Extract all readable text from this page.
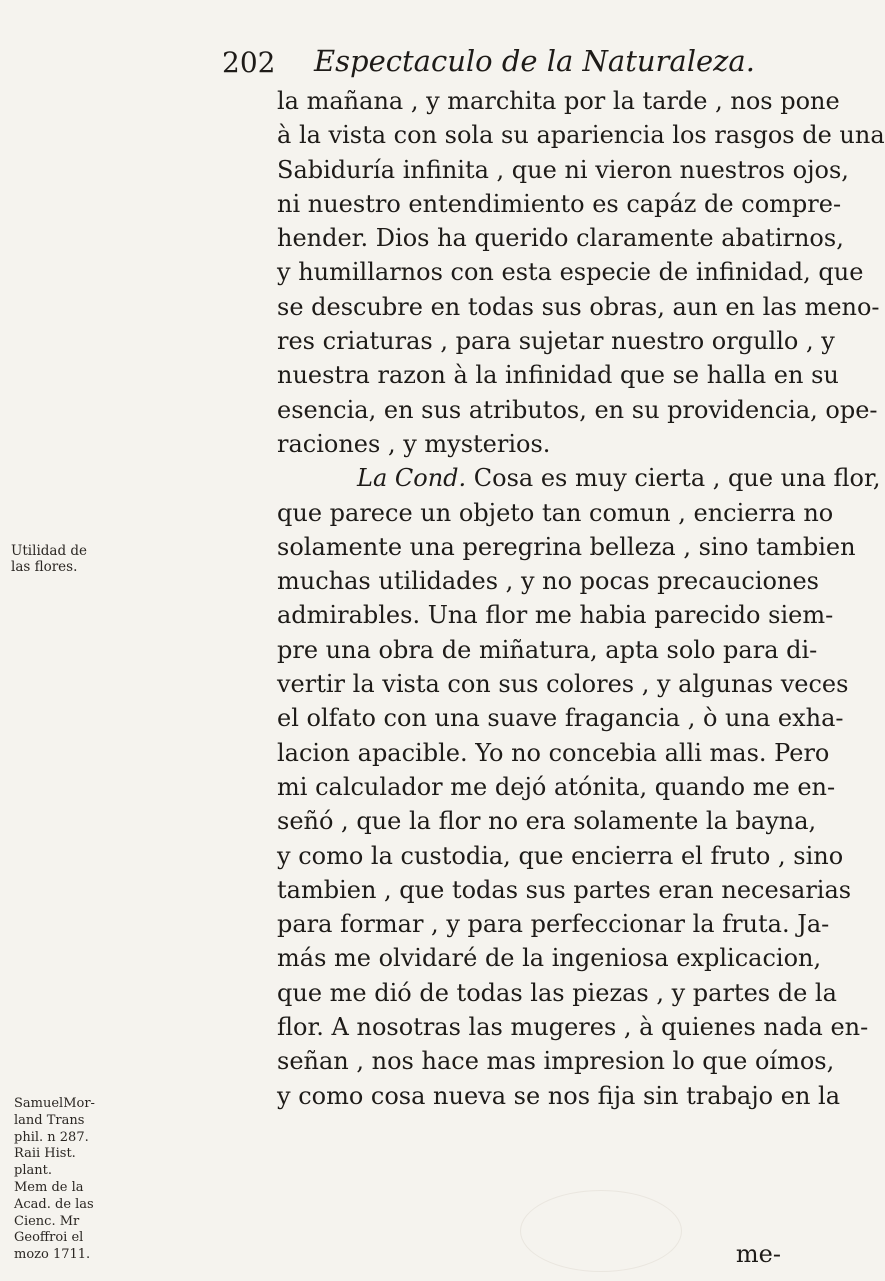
202 Espectaculo de la Naturaleza.
la mañana , y marchita por la tarde , nos pone
à la vista con sola su apariencia los rasgos de una
Sabiduría infinita , que ni vieron nuestros ojos,
ni nuestro entendimiento es capáz de compre-
hender. Dios ha querido claramente abatirnos,
y humillarnos con esta especie de infinidad, que
se descubre en todas sus obras, aun en las meno-
res criaturas , para sujetar nuestro orgullo , y
nuestra razon à la infinidad que se halla en su
esencia, en sus atributos, en su providencia, ope-
raciones , y mysterios.
La Cond. Cosa es muy cierta , que una flor,
que parece un objeto tan comun , encierra no
solamente una peregrina belleza , sino tambien
muchas utilidades , y no pocas precauciones
admirables. Una flor me habia parecido siem-
pre una obra de miñatura, apta solo para di-
vertir la vista con sus colores , y algunas veces
el olfato con una suave fragancia , ò una exha-
lacion apacible. Yo no concebia alli mas. Pero
mi calculador me dejó atónita, quando me en-
señó , que la flor no era solamente la bayna,
y como la custodia, que encierra el fruto , sino
tambien , que todas sus partes eran necesarias
para formar , y para perfeccionar la fruta. Ja-
más me olvidaré de la ingeniosa explicacion,
que me dió de todas las piezas , y partes de la
flor. A nosotras las mugeres , à quienes nada en-
señan , nos hace mas impresion lo que oímos,
y como cosa nueva se nos fija sin trabajo en la
me-
Utilidad de
las flores.
SamuelMor-
land Trans
phil. n 287.
Raii Hist.
plant.
Mem de la
Acad. de las
Cienc. Mr
Geoffroi el
mozo 1711.
